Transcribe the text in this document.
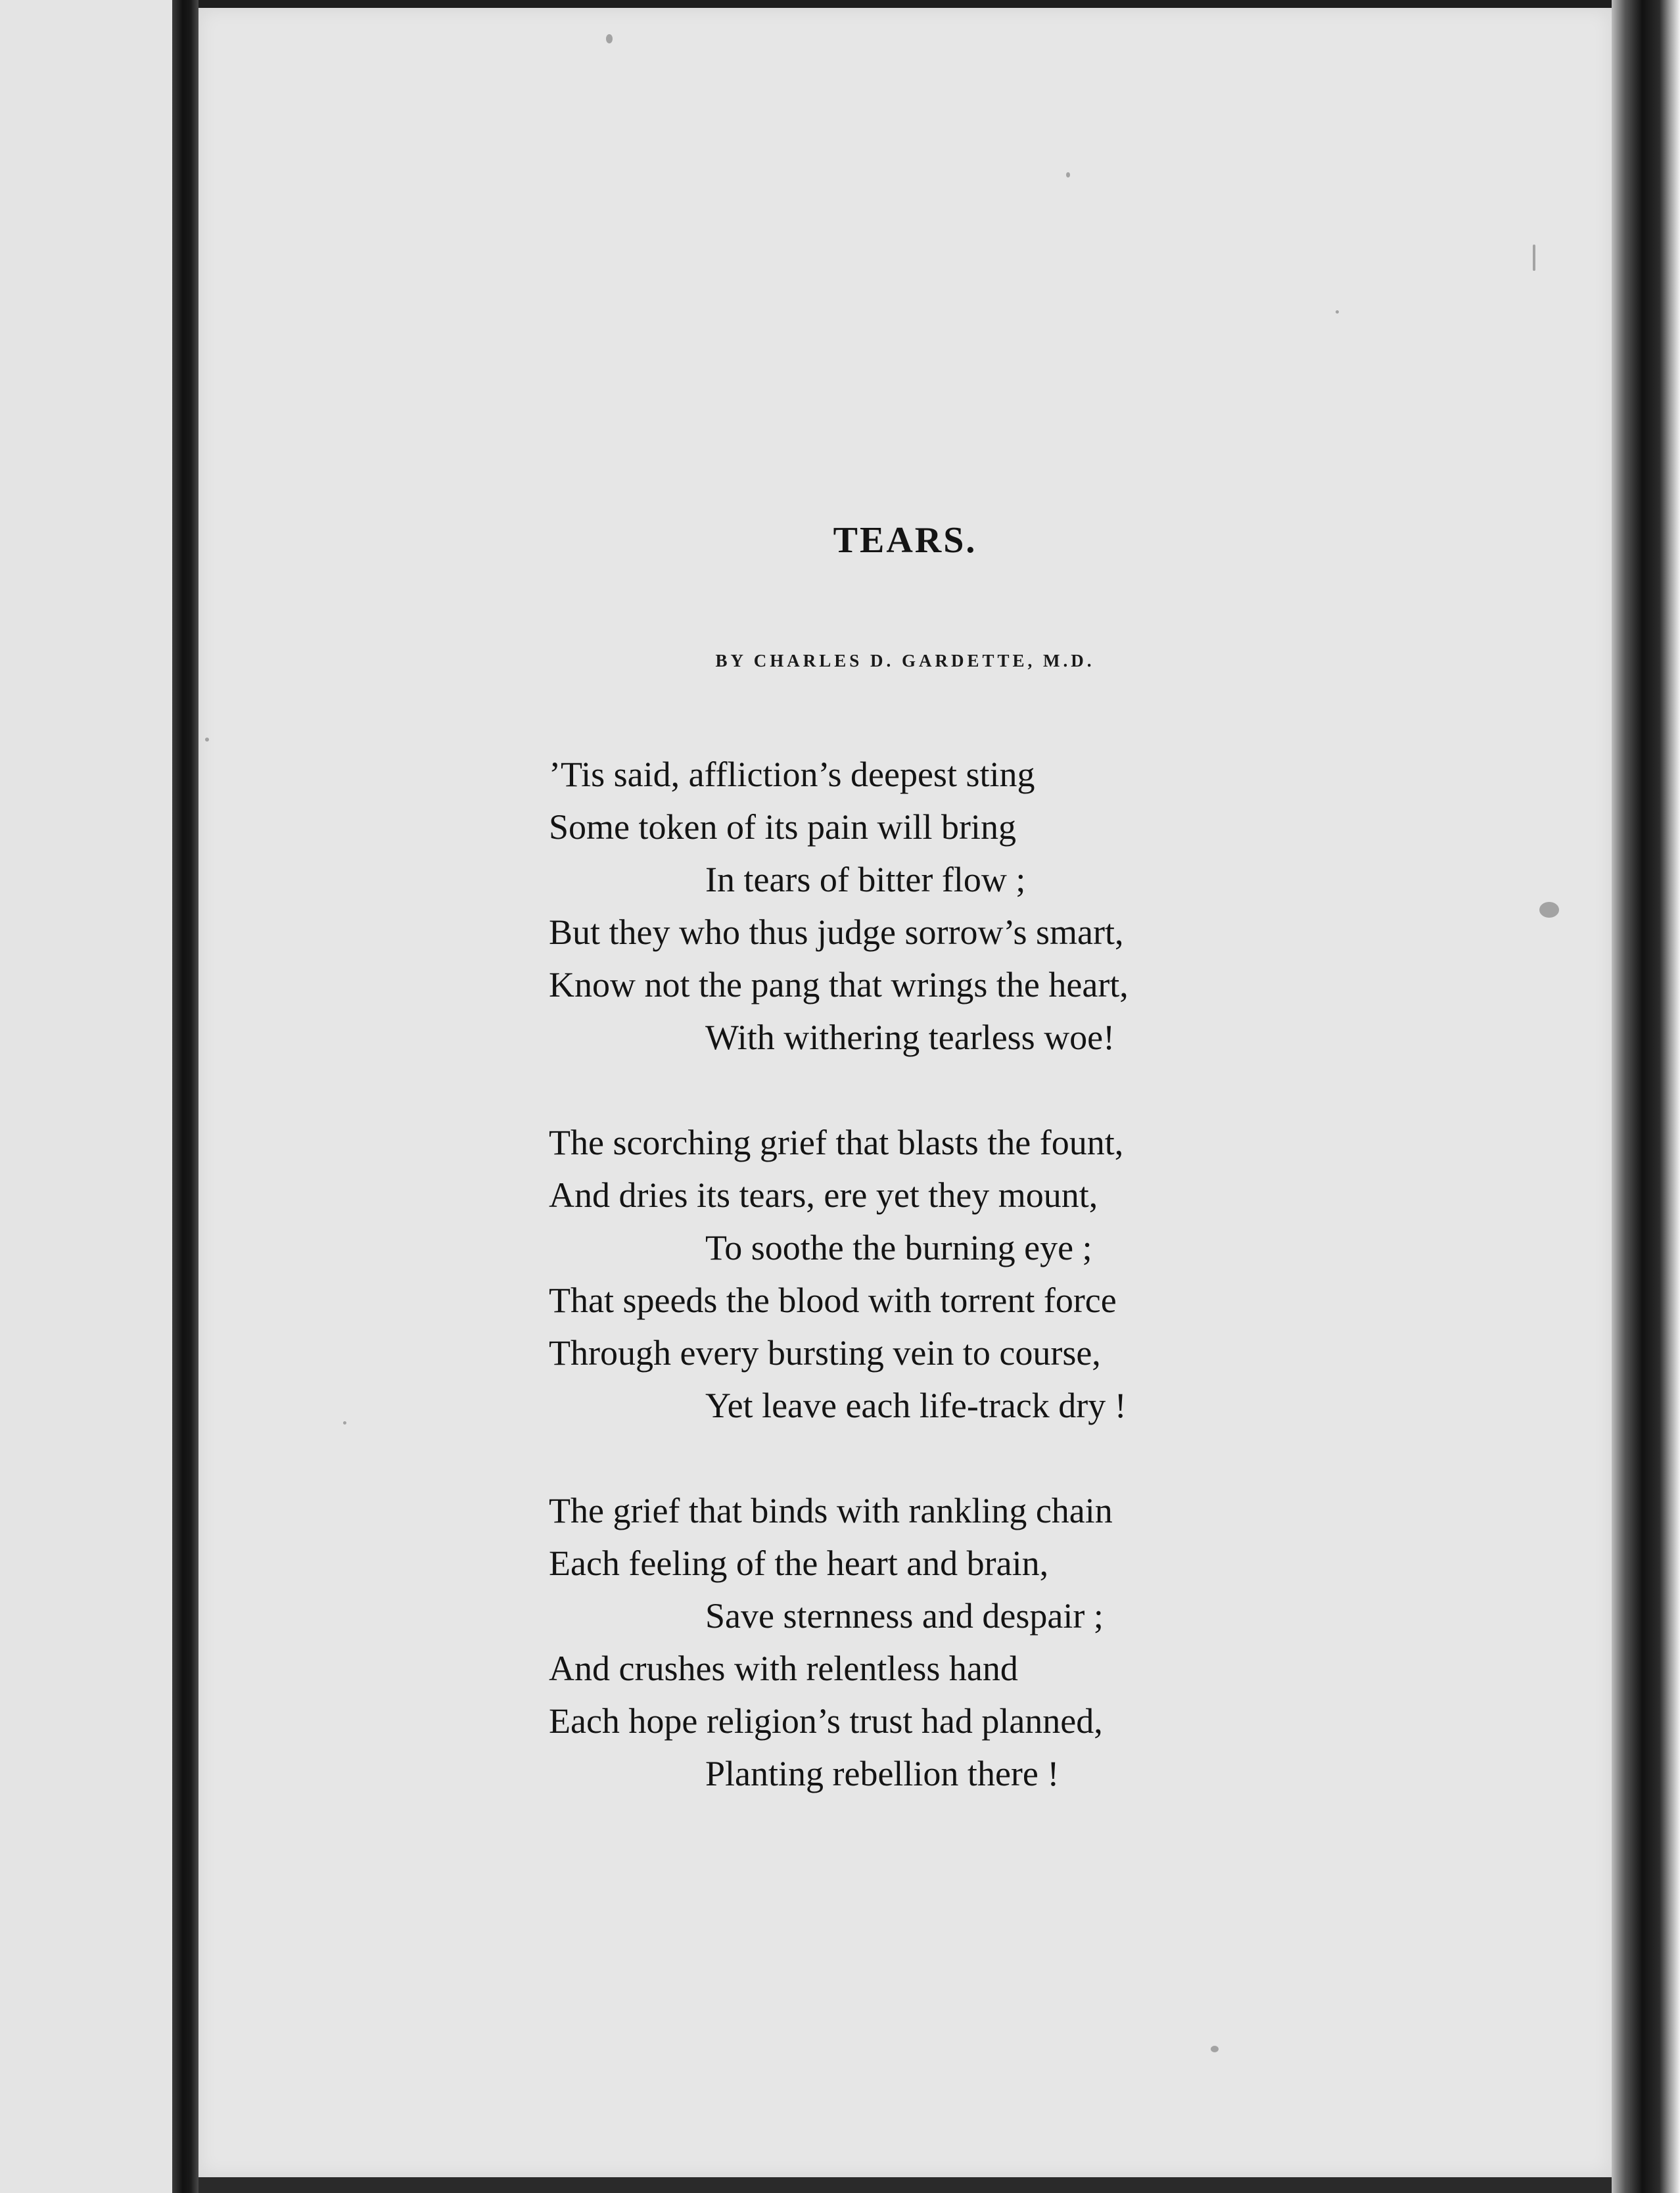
TEARS.

BY CHARLES D. GARDETTE, M.D.

’Tis said, affliction’s deepest sting
Some token of its pain will bring
In tears of bitter flow ;
But they who thus judge sorrow’s smart,
Know not the pang that wrings the heart,
With withering tearless woe!
The scorching grief that blasts the fount,
And dries its tears, ere yet they mount,
To soothe the burning eye ;
That speeds the blood with torrent force
Through every bursting vein to course,
Yet leave each life-track dry !
The grief that binds with rankling chain
Each feeling of the heart and brain,
Save sternness and despair ;
And crushes with relentless hand
Each hope religion’s trust had planned,
Planting rebellion there !
